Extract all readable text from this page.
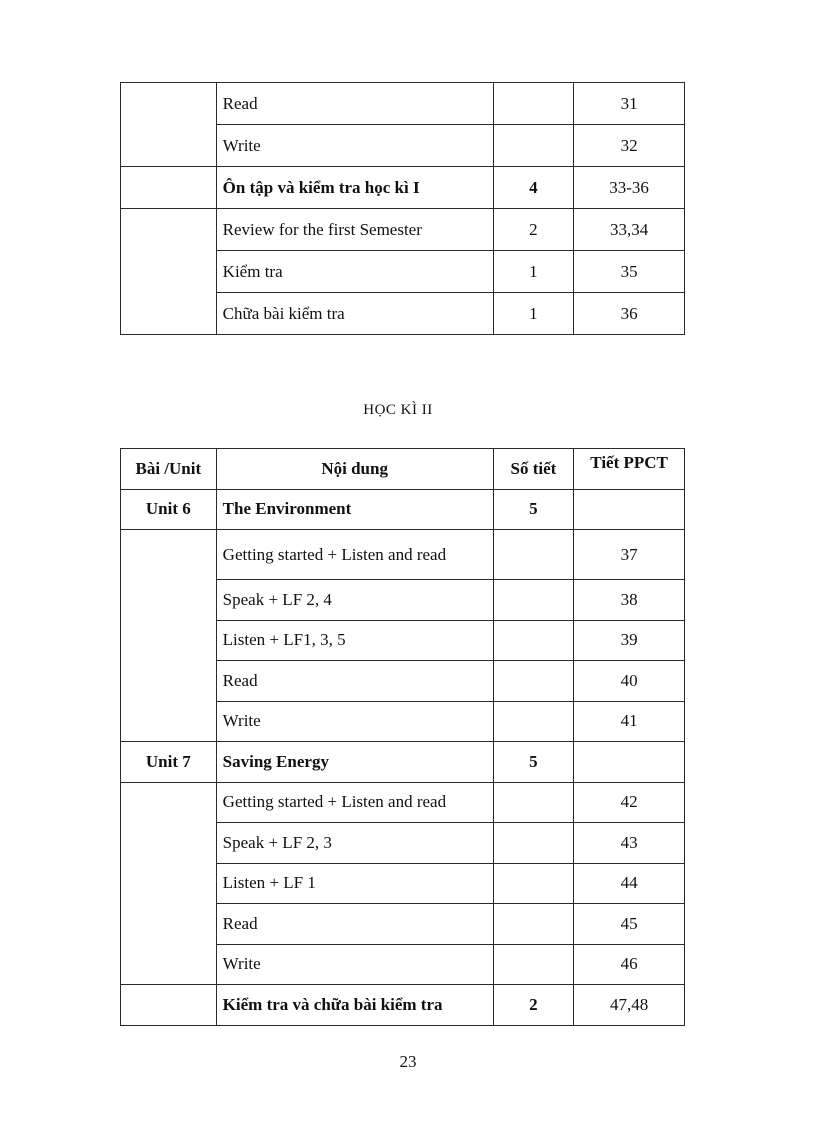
	Read		31
	Write		32
	Ôn tập và kiểm tra học kì I	4	33-36
	Review for the first Semester	2	33,34
	Kiểm tra	1	35
	Chữa bài kiểm tra	1	36
HỌC KÌ II
Bài /Unit	Nội dung	Số tiết	Tiết PPCT
Unit 6	The Environment	5	
	Getting started + Listen and read		37
	Speak + LF 2, 4		38
	Listen + LF1, 3, 5		39
	Read		40
	Write		41
Unit 7	Saving Energy	5	
	Getting started + Listen and read		42
	Speak + LF 2, 3		43
	Listen + LF 1		44
	Read		45
	Write		46
	Kiểm tra và chữa bài kiểm tra	2	47,48
23
